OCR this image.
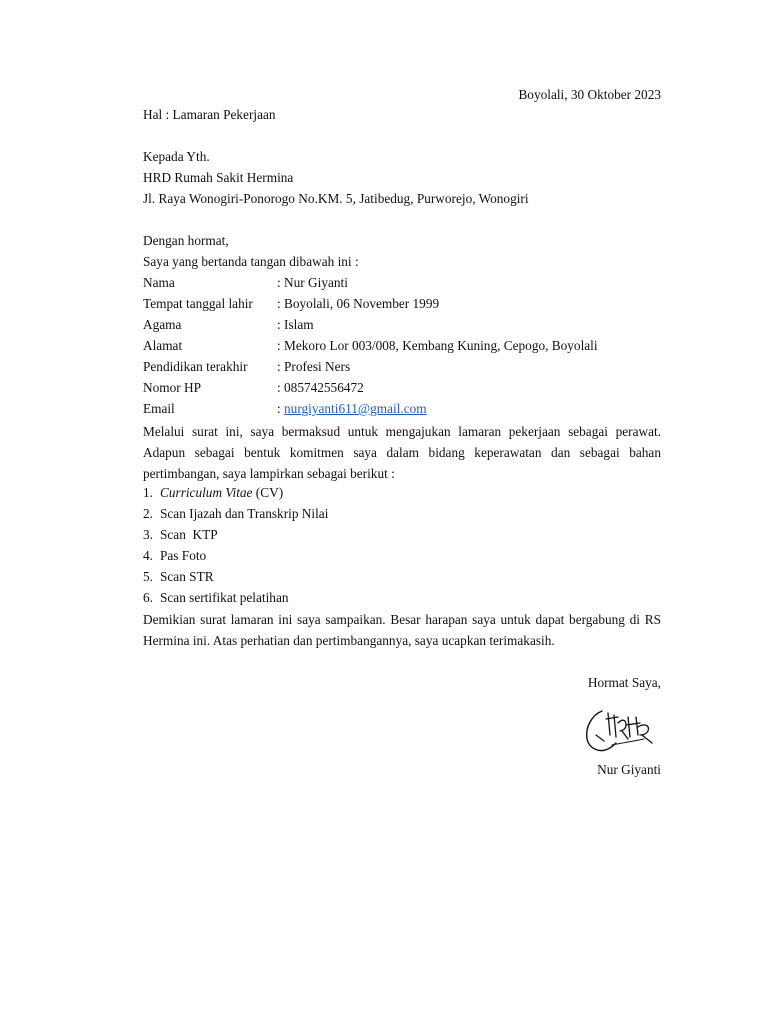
Boyolali, 30 Oktober 2023
Hal : Lamaran Pekerjaan
Kepada Yth.
HRD Rumah Sakit Hermina
Jl. Raya Wonogiri-Ponorogo No.KM. 5, Jatibedug, Purworejo, Wonogiri
Dengan hormat,
Saya yang bertanda tangan dibawah ini :
Nama	: Nur Giyanti
Tempat tanggal lahir : Boyolali, 06 November 1999
Agama	: Islam
Alamat	: Mekoro Lor 003/008, Kembang Kuning, Cepogo, Boyolali
Pendidikan terakhir : Profesi Ners
Nomor HP	: 085742556472
Email	: nurgiyanti611@gmail.com
Melalui surat ini, saya bermaksud untuk mengajukan lamaran pekerjaan sebagai perawat. Adapun sebagai bentuk komitmen saya dalam bidang keperawatan dan sebagai bahan pertimbangan, saya lampirkan sebagai berikut :
1. Curriculum Vitae (CV)
2. Scan Ijazah dan Transkrip Nilai
3. Scan  KTP
4. Pas Foto
5. Scan STR
6. Scan sertifikat pelatihan
Demikian surat lamaran ini saya sampaikan. Besar harapan saya untuk dapat bergabung di RS Hermina ini. Atas perhatian dan pertimbangannya, saya ucapkan terimakasih.
Hormat Saya,
Nur Giyanti
